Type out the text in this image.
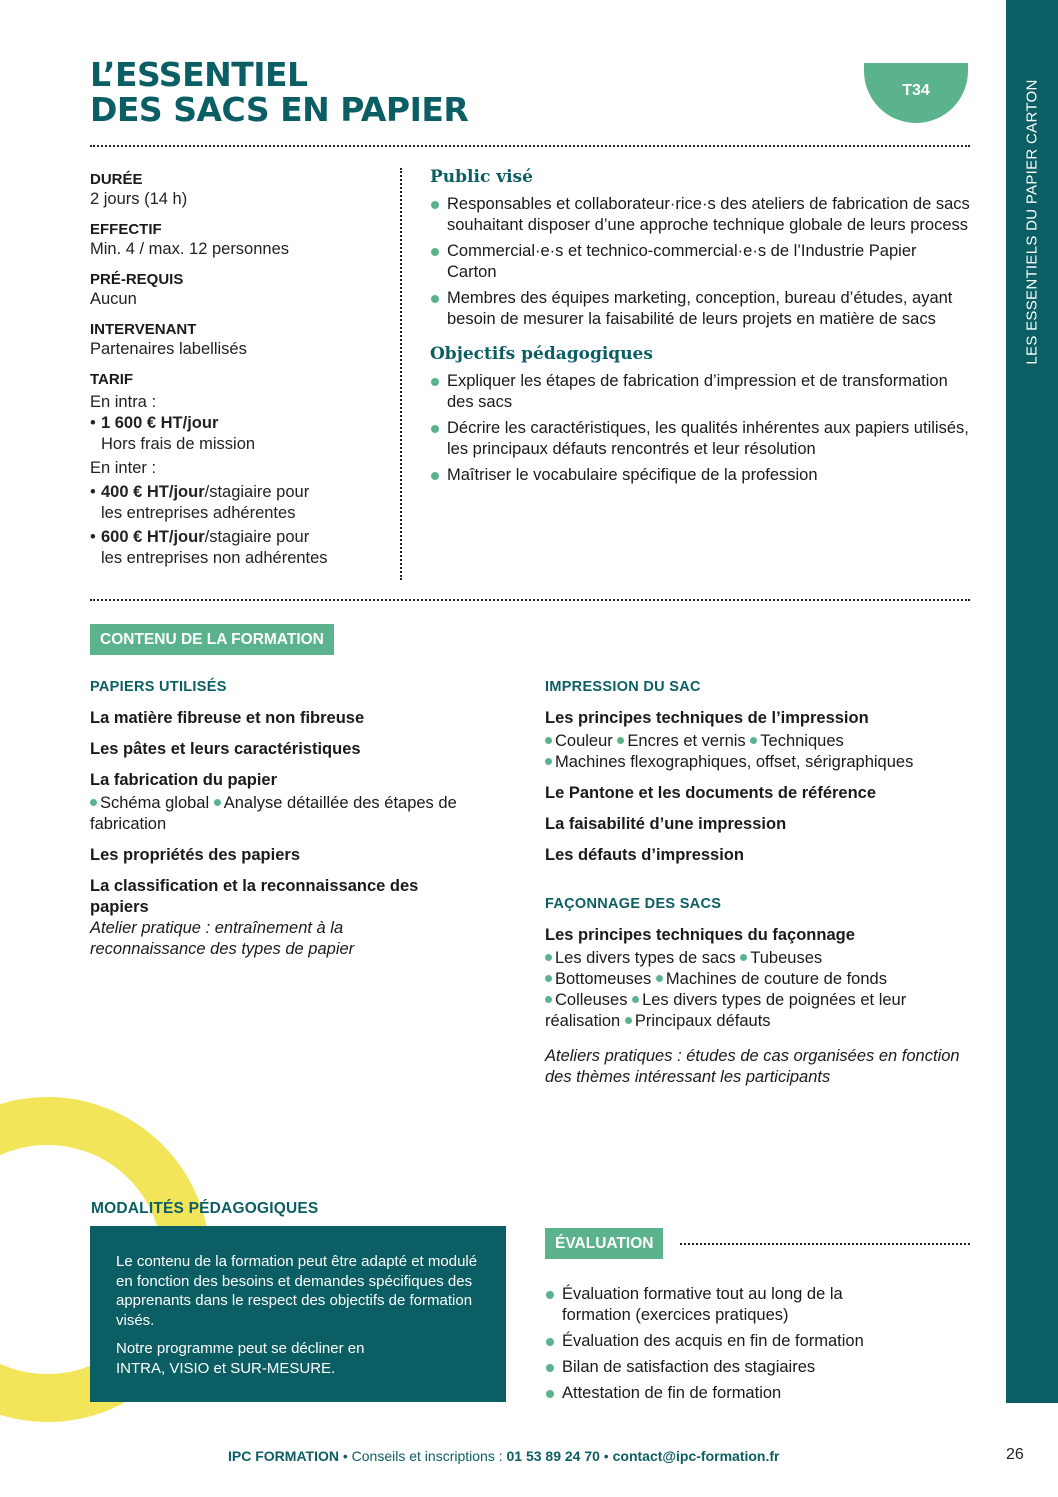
LES ESSENTIELS DU PAPIER CARTON
L’ESSENTIEL
DES SACS EN PAPIER	T34
DURÉE
2 jours (14 h)
EFFECTIF
Min. 4 / max. 12 personnes
PRÉ-REQUIS
Aucun
INTERVENANT
Partenaires labellisés
TARIF
En intra :
• 1 600 € HT/jour
Hors frais de mission
En inter :
• 400 € HT/jour/stagiaire pour
les entreprises adhérentes
• 600 € HT/jour/stagiaire pour
les entreprises non adhérentes
Public visé
Responsables et collaborateur·rice·s des ateliers de fabrication de sacs souhaitant disposer d’une approche technique globale de leurs process
Commercial·e·s et technico-commercial·e·s de l’Industrie Papier Carton
Membres des équipes marketing, conception, bureau d’études, ayant besoin de mesurer la faisabilité de leurs projets en matière de sacs
Objectifs pédagogiques
Expliquer les étapes de fabrication d’impression et de transformation des sacs
Décrire les caractéristiques, les qualités inhérentes aux papiers utilisés, les principaux défauts rencontrés et leur résolution
Maîtriser le vocabulaire spécifique de la profession
CONTENU DE LA FORMATION
PAPIERS UTILISÉS
La matière fibreuse et non fibreuse
Les pâtes et leurs caractéristiques
La fabrication du papier
Schéma global Analyse détaillée des étapes de fabrication
Les propriétés des papiers
La classification et la reconnaissance des papiers
Atelier pratique : entraînement à la reconnaissance des types de papier
IMPRESSION DU SAC
Les principes techniques de l’impression
Couleur Encres et vernis Techniques
Machines flexographiques, offset, sérigraphiques
Le Pantone et les documents de référence
La faisabilité d’une impression
Les défauts d’impression
FAÇONNAGE DES SACS
Les principes techniques du façonnage
Les divers types de sacs Tubeuses
Bottomeuses Machines de couture de fonds
Colleuses Les divers types de poignées et leur réalisation Principaux défauts
Ateliers pratiques : études de cas organisées en fonction des thèmes intéressant les participants
MODALITÉS PÉDAGOGIQUES

Le contenu de la formation peut être adapté et modulé en fonction des besoins et demandes spécifiques des apprenants dans le respect des objectifs de formation visés.

Notre programme peut se décliner en INTRA, VISIO et SUR-MESURE.

ÉVALUATION
Évaluation formative tout au long de la formation (exercices pratiques)
Évaluation des acquis en fin de formation
Bilan de satisfaction des stagiaires
Attestation de fin de formation
IPC FORMATION • Conseils et inscriptions : 01 53 89 24 70 • contact@ipc-formation.fr	26
